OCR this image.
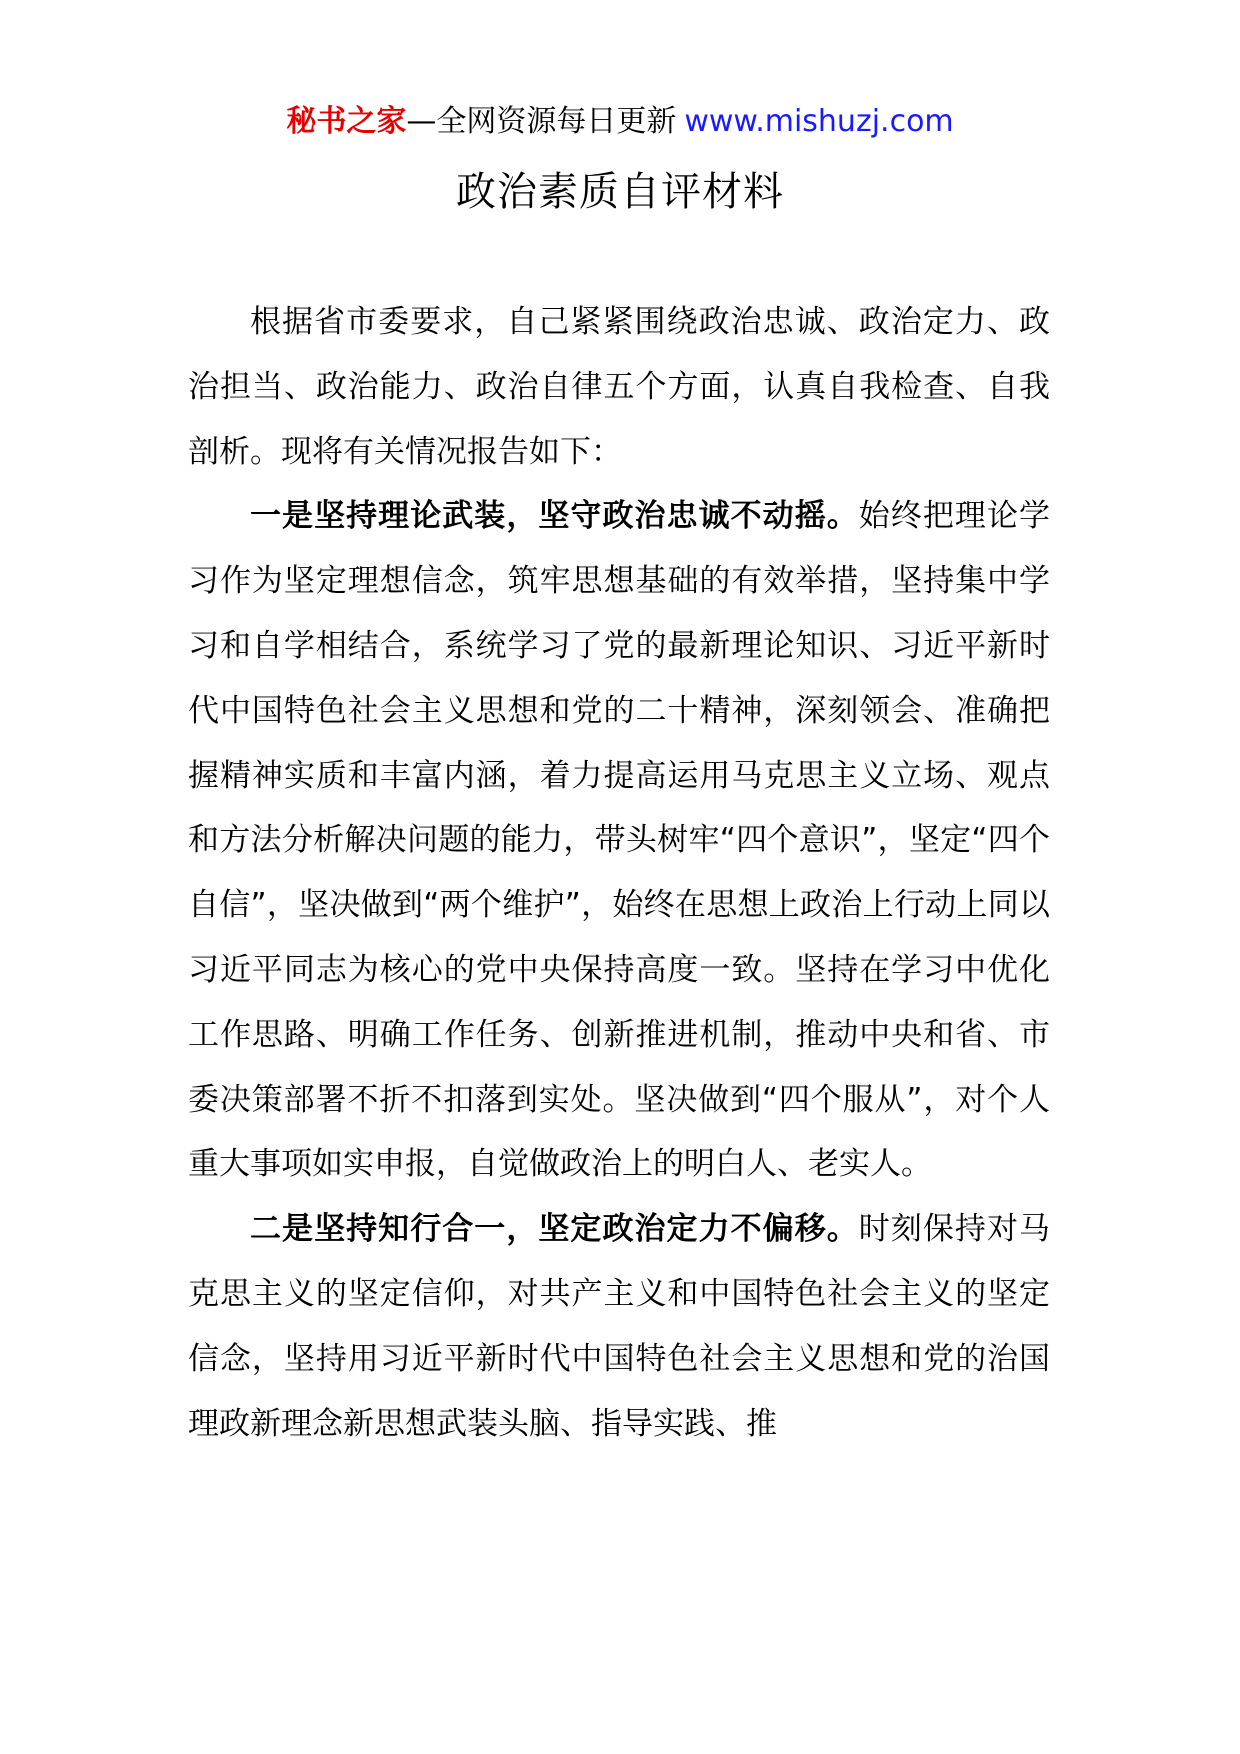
秘书之家—全网资源每日更新 www.mishuzj.com
政治素质自评材料

根据省市委要求，自己紧紧围绕政治忠诚、政治定力、政治担当、政治能力、政治自律五个方面，认真自我检查、自我剖析。现将有关情况报告如下：

一是坚持理论武装，坚守政治忠诚不动摇。始终把理论学习作为坚定理想信念，筑牢思想基础的有效举措，坚持集中学习和自学相结合，系统学习了党的最新理论知识、习近平新时代中国特色社会主义思想和党的二十精神，深刻领会、准确把握精神实质和丰富内涵，着力提高运用马克思主义立场、观点和方法分析解决问题的能力，带头树牢“四个意识”，坚定“四个自信”，坚决做到“两个维护”，始终在思想上政治上行动上同以习近平同志为核心的党中央保持高度一致。坚持在学习中优化工作思路、明确工作任务、创新推进机制，推动中央和省、市委决策部署不折不扣落到实处。坚决做到“四个服从”，对个人重大事项如实申报，自觉做政治上的明白人、老实人。

二是坚持知行合一，坚定政治定力不偏移。时刻保持对马克思主义的坚定信仰，对共产主义和中国特色社会主义的坚定信念，坚持用习近平新时代中国特色社会主义思想和党的治国理政新理念新思想武装头脑、指导实践、推
